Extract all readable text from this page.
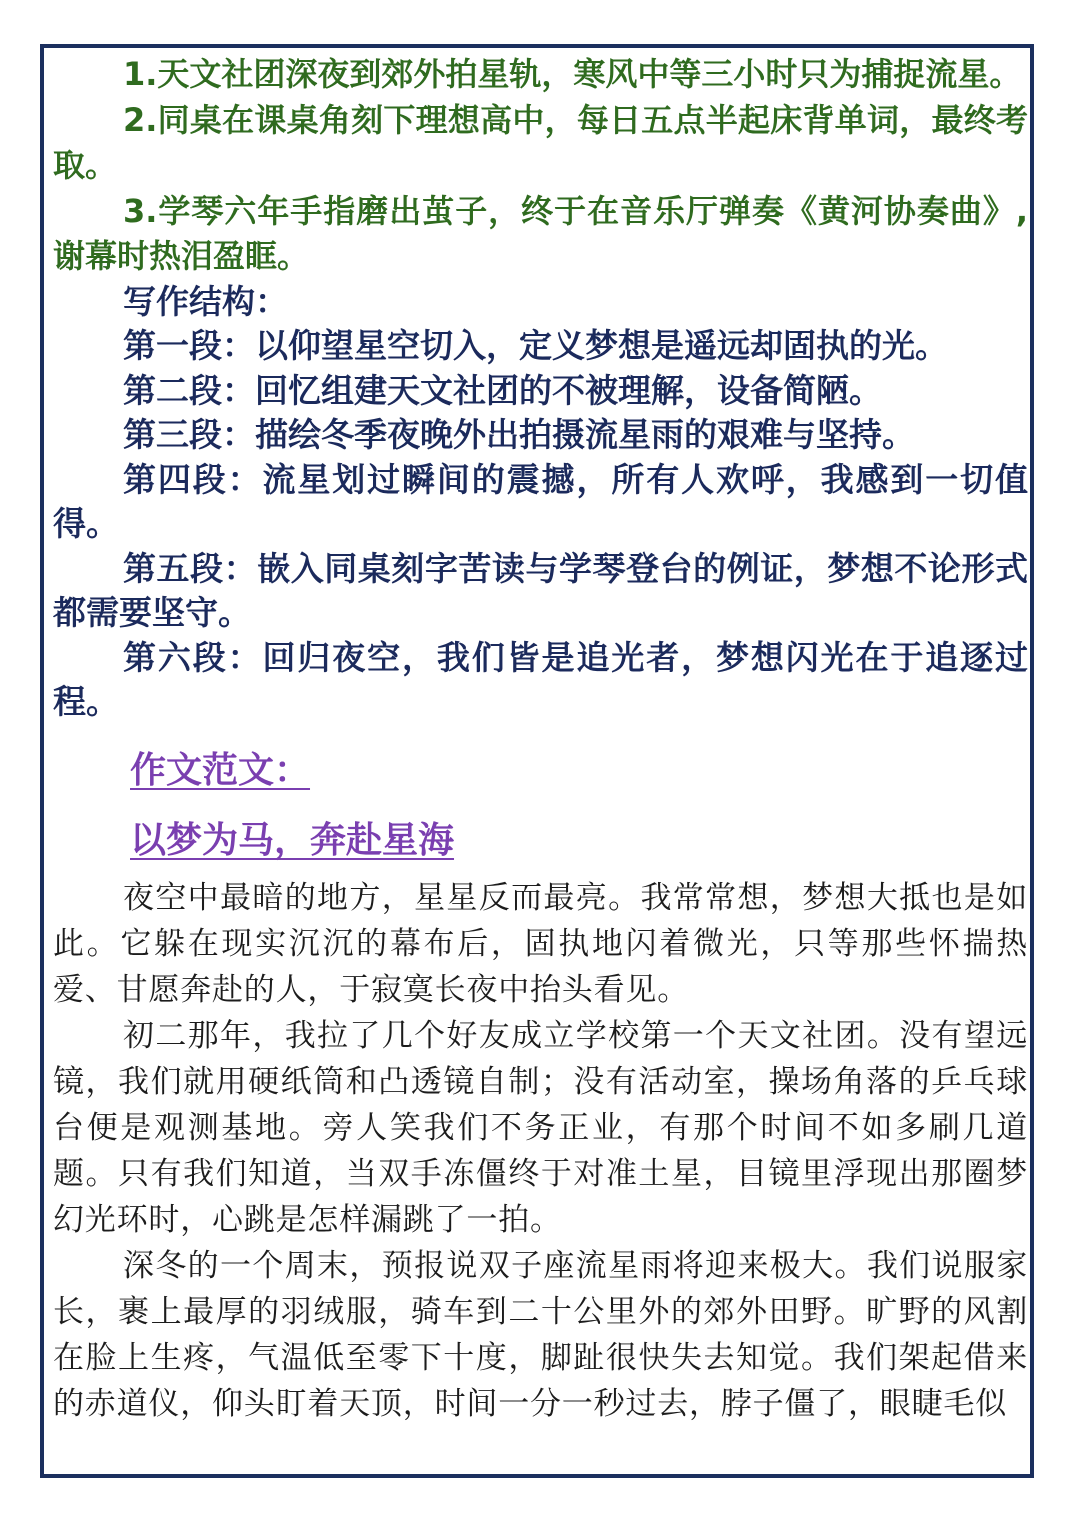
1.天文社团深夜到郊外拍星轨，寒风中等三小时只为捕捉流星。

2.同桌在课桌角刻下理想高中，每日五点半起床背单词，最终考取。

3.学琴六年手指磨出茧子，终于在音乐厅弹奏《黄河协奏曲》,谢幕时热泪盈眶。

写作结构：

第一段：以仰望星空切入，定义梦想是遥远却固执的光。

第二段：回忆组建天文社团的不被理解，设备简陋。

第三段：描绘冬季夜晚外出拍摄流星雨的艰难与坚持。

第四段：流星划过瞬间的震撼，所有人欢呼，我感到一切值得。

第五段：嵌入同桌刻字苦读与学琴登台的例证，梦想不论形式都需要坚守。

第六段：回归夜空，我们皆是追光者，梦想闪光在于追逐过程。

作文范文：

以梦为马，奔赴星海

夜空中最暗的地方，星星反而最亮。我常常想，梦想大抵也是如此。它躲在现实沉沉的幕布后，固执地闪着微光，只等那些怀揣热爱、甘愿奔赴的人，于寂寞长夜中抬头看见。

初二那年，我拉了几个好友成立学校第一个天文社团。没有望远镜，我们就用硬纸筒和凸透镜自制；没有活动室，操场角落的乒乓球台便是观测基地。旁人笑我们不务正业，有那个时间不如多刷几道题。只有我们知道，当双手冻僵终于对准土星，目镜里浮现出那圈梦幻光环时，心跳是怎样漏跳了一拍。

深冬的一个周末，预报说双子座流星雨将迎来极大。我们说服家长，裹上最厚的羽绒服，骑车到二十公里外的郊外田野。旷野的风割在脸上生疼，气温低至零下十度，脚趾很快失去知觉。我们架起借来的赤道仪，仰头盯着天顶，时间一分一秒过去，脖子僵了，眼睫毛似
